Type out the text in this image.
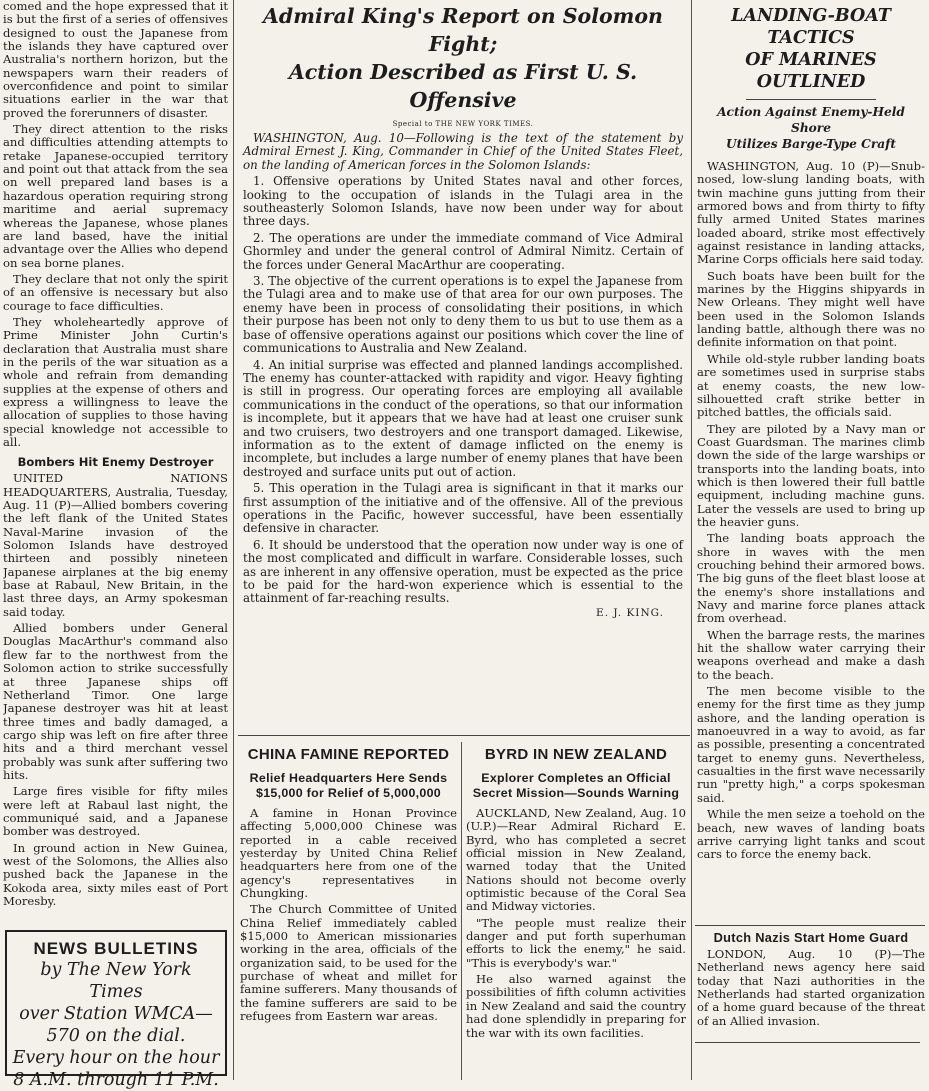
comed and the hope expressed that it is but the first of a series of offensives designed to oust the Japanese from the islands they have captured over Australia's northern horizon, but the newspapers warn their readers of overconfidence and point to similar situations earlier in the war that proved the forerunners of disaster.

They direct attention to the risks and difficulties attending attempts to retake Japanese-occupied territory and point out that attack from the sea on well prepared land bases is a hazardous operation requiring strong maritime and aerial supremacy whereas the Japanese, whose planes are land based, have the initial advantage over the Allies who depend on sea borne planes.

They declare that not only the spirit of an offensive is necessary but also courage to face difficulties.

They wholeheartedly approve of Prime Minister John Curtin's declaration that Australia must share in the perils of the war situation as a whole and refrain from demanding supplies at the expense of others and express a willingness to leave the allocation of supplies to those having special knowledge not accessible to all.

Bombers Hit Enemy Destroyer

UNITED NATIONS HEADQUARTERS, Australia, Tuesday, Aug. 11 (P)—Allied bombers covering the left flank of the United States Naval-Marine invasion of the Solomon Islands have destroyed thirteen and possibly nineteen Japanese airplanes at the big enemy base at Rabaul, New Britain, in the last three days, an Army spokesman said today.

Allied bombers under General Douglas MacArthur's command also flew far to the northwest from the Solomon action to strike successfully at three Japanese ships off Netherland Timor. One large Japanese destroyer was hit at least three times and badly damaged, a cargo ship was left on fire after three hits and a third merchant vessel probably was sunk after suffering two hits.

Large fires visible for fifty miles were left at Rabaul last night, the communiqué said, and a Japanese bomber was destroyed.

In ground action in New Guinea, west of the Solomons, the Allies also pushed back the Japanese in the Kokoda area, sixty miles east of Port Moresby.

NEWS BULLETINS
by The New York Times
over Station WMCA—
570 on the dial.
Every hour on the hour
8 A.M. through 11 P.M.
Admiral King's Report on Solomon Fight;
Action Described as First U. S. Offensive
Special to THE NEW YORK TIMES.

WASHINGTON, Aug. 10—Following is the text of the statement by Admiral Ernest J. King, Commander in Chief of the United States Fleet, on the landing of American forces in the Solomon Islands:

1. Offensive operations by United States naval and other forces, looking to the occupation of islands in the Tulagi area in the southeasterly Solomon Islands, have now been under way for about three days.

2. The operations are under the immediate command of Vice Admiral Ghormley and under the general control of Admiral Nimitz. Certain of the forces under General MacArthur are cooperating.

3. The objective of the current operations is to expel the Japanese from the Tulagi area and to make use of that area for our own purposes. The enemy have been in process of consolidating their positions, in which their purpose has been not only to deny them to us but to use them as a base of offensive operations against our positions which cover the line of communications to Australia and New Zealand.

4. An initial surprise was effected and planned landings accomplished. The enemy has counter-attacked with rapidity and vigor. Heavy fighting is still in progress. Our operating forces are employing all available communications in the conduct of the operations, so that our information is incomplete, but it appears that we have had at least one cruiser sunk and two cruisers, two destroyers and one transport damaged. Likewise, information as to the extent of damage inflicted on the enemy is incomplete, but includes a large number of enemy planes that have been destroyed and surface units put out of action.

5. This operation in the Tulagi area is significant in that it marks our first assumption of the initiative and of the offensive. All of the previous operations in the Pacific, however successful, have been essentially defensive in character.

6. It should be understood that the operation now under way is one of the most complicated and difficult in warfare. Considerable losses, such as are inherent in any offensive operation, must be expected as the price to be paid for the hard-won experience which is essential to the attainment of far-reaching results.

E. J. KING.
CHINA FAMINE REPORTED
Relief Headquarters Here Sends $15,000 for Relief of 5,000,000

A famine in Honan Province affecting 5,000,000 Chinese was reported in a cable received yesterday by United China Relief headquarters here from one of the agency's representatives in Chungking.

The Church Committee of United China Relief immediately cabled $15,000 to American missionaries working in the area, officials of the organization said, to be used for the purchase of wheat and millet for famine sufferers. Many thousands of the famine sufferers are said to be refugees from Eastern war areas.

BYRD IN NEW ZEALAND
Explorer Completes an Official Secret Mission—Sounds Warning

AUCKLAND, New Zealand, Aug. 10 (U.P.)—Rear Admiral Richard E. Byrd, who has completed a secret official mission in New Zealand, warned today that the United Nations should not become overly optimistic because of the Coral Sea and Midway victories.

"The people must realize their danger and put forth superhuman efforts to lick the enemy," he said. "This is everybody's war."

He also warned against the possibilities of fifth column activities in New Zealand and said the country had done splendidly in preparing for the war with its own facilities.

LANDING-BOAT TACTICS
OF MARINES OUTLINED
Action Against Enemy-Held Shore
Utilizes Barge-Type Craft

WASHINGTON, Aug. 10 (P)—Snub-nosed, low-slung landing boats, with twin machine guns jutting from their armored bows and from thirty to fifty fully armed United States marines loaded aboard, strike most effectively against resistance in landing attacks, Marine Corps officials here said today.

Such boats have been built for the marines by the Higgins shipyards in New Orleans. They might well have been used in the Solomon Islands landing battle, although there was no definite information on that point.

While old-style rubber landing boats are sometimes used in surprise stabs at enemy coasts, the new low-silhouetted craft strike better in pitched battles, the officials said.

They are piloted by a Navy man or Coast Guardsman. The marines climb down the side of the large warships or transports into the landing boats, into which is then lowered their full battle equipment, including machine guns. Later the vessels are used to bring up the heavier guns.

The landing boats approach the shore in waves with the men crouching behind their armored bows. The big guns of the fleet blast loose at the enemy's shore installations and Navy and marine force planes attack from overhead.

When the barrage rests, the marines hit the shallow water carrying their weapons overhead and make a dash to the beach.

The men become visible to the enemy for the first time as they jump ashore, and the landing operation is manoeuvred in a way to avoid, as far as possible, presenting a concentrated target to enemy guns. Nevertheless, casualties in the first wave necessarily run "pretty high," a corps spokesman said.

While the men seize a toehold on the beach, new waves of landing boats arrive carrying light tanks and scout cars to force the enemy back.

Dutch Nazis Start Home Guard

LONDON, Aug. 10 (P)—The Netherland news agency here said today that Nazi authorities in the Netherlands had started organization of a home guard because of the threat of an Allied invasion.
